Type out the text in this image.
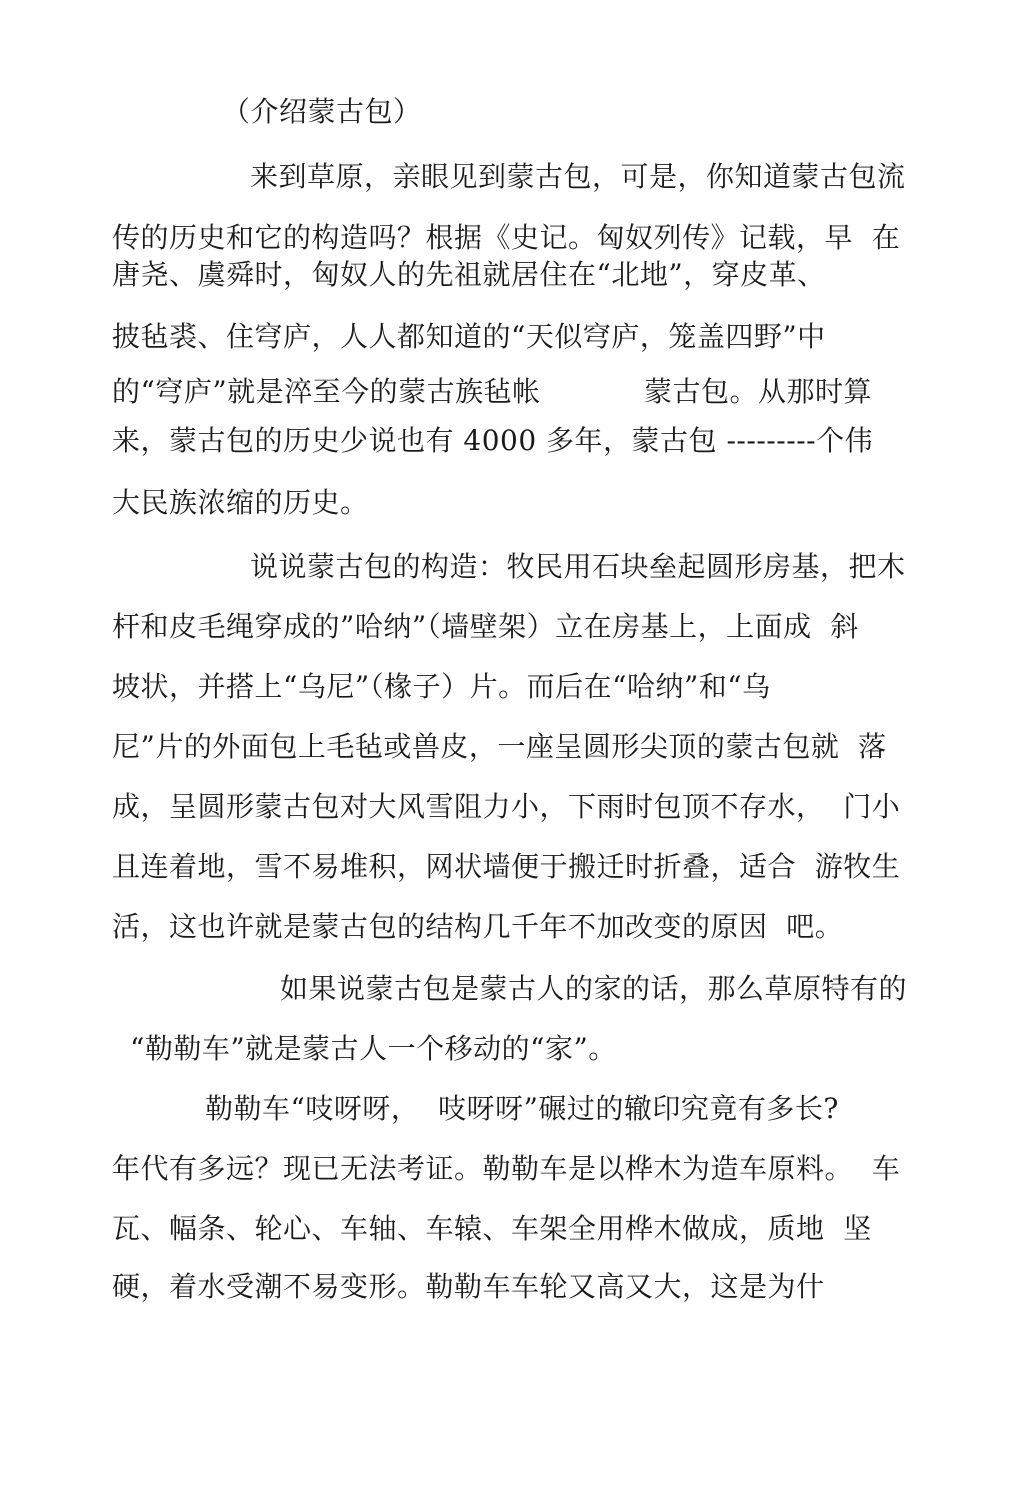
（介绍蒙古包）
来到草原，亲眼见到蒙古包，可是，你知道蒙古包流
传的历史和它的构造吗？根据《史记。匈奴列传》记载，早  在
唐尧、虞舜时，匈奴人的先祖就居住在“北地”，穿皮革、
披毡裘、住穹庐，人人都知道的“天似穹庐，笼盖四野”中
的“穹庐”就是淬至今的蒙古族毡帐           蒙古包。从那时算
来，蒙古包的历史少说也有 4000 多年，蒙古包 ---------个伟
大民族浓缩的历史。
说说蒙古包的构造：牧民用石块垒起圆形房基，把木
杆和皮毛绳穿成的”哈纳”（墙壁架）立在房基上，上面成  斜
坡状，并搭上“乌尼”（椽子）片。而后在“哈纳”和“乌
尼”片的外面包上毛毡或兽皮，一座呈圆形尖顶的蒙古包就  落
成，呈圆形蒙古包对大风雪阻力小，下雨时包顶不存水，  门小
且连着地，雪不易堆积，网状墙便于搬迁时折叠，适合  游牧生
活，这也许就是蒙古包的结构几千年不加改变的原因  吧。
如果说蒙古包是蒙古人的家的话，那么草原特有的
“勒勒车”就是蒙古人一个移动的“家”。
勒勒车“吱呀呀，  吱呀呀”碾过的辙印究竟有多长?
年代有多远？现已无法考证。勒勒车是以桦木为造车原料。  车
瓦、幅条、轮心、车轴、车辕、车架全用桦木做成，质地  坚
硬，着水受潮不易变形。勒勒车车轮又高又大，这是为什
